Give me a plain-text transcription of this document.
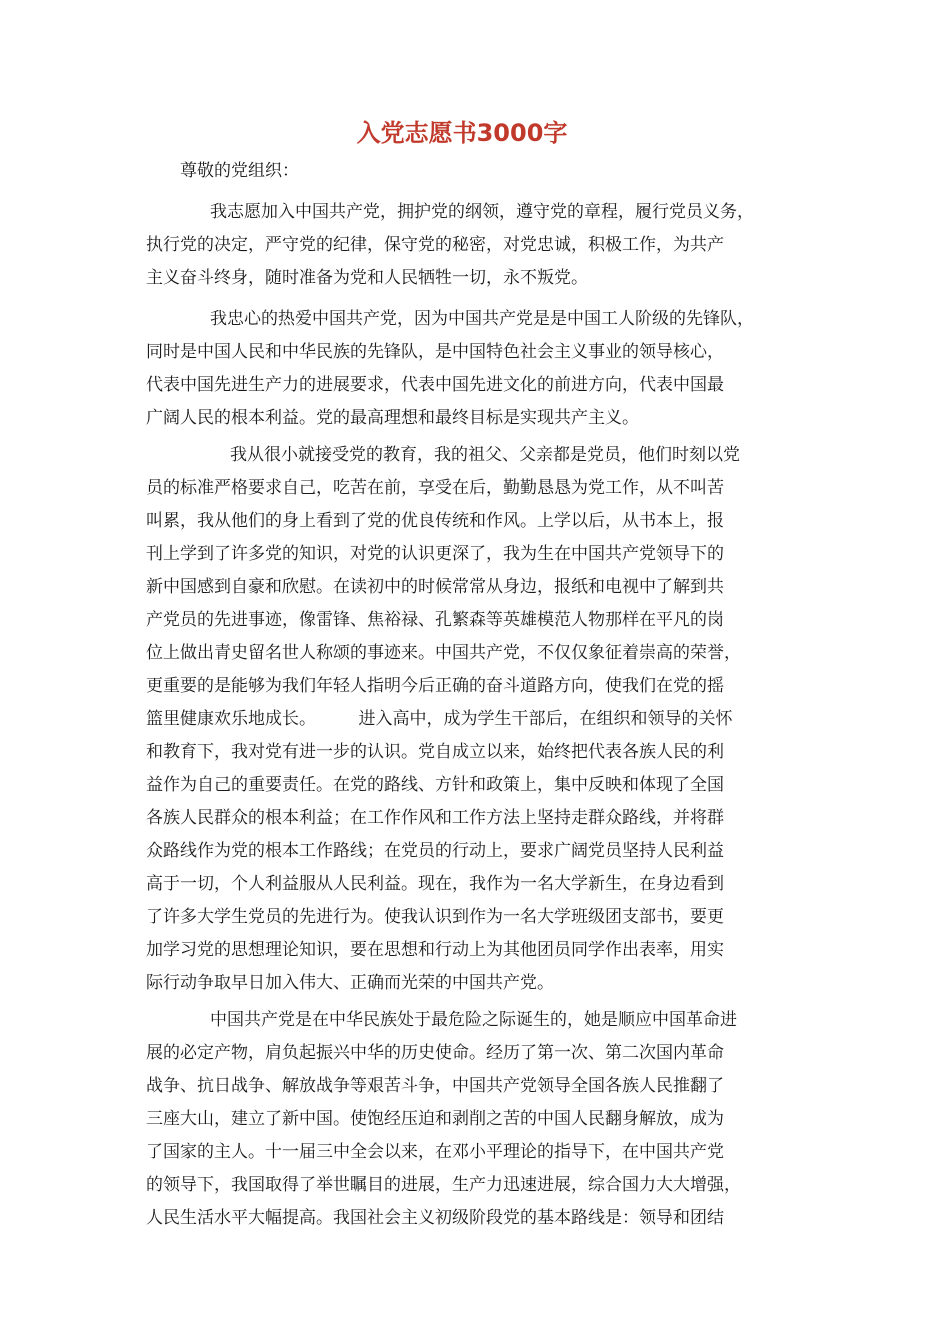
入党志愿书3000字

尊敬的党组织：

我志愿加入中国共产党，拥护党的纲领，遵守党的章程，履行党员义务，
执行党的决定，严守党的纪律，保守党的秘密，对党忠诚，积极工作，为共产
主义奋斗终身，随时准备为党和人民牺牲一切，永不叛党。
我忠心的热爱中国共产党，因为中国共产党是是中国工人阶级的先锋队，
同时是中国人民和中华民族的先锋队，是中国特色社会主义事业的领导核心，
代表中国先进生产力的进展要求，代表中国先进文化的前进方向，代表中国最
广阔人民的根本利益。党的最高理想和最终目标是实现共产主义。
我从很小就接受党的教育，我的祖父、父亲都是党员，他们时刻以党
员的标准严格要求自己，吃苦在前，享受在后，勤勤恳恳为党工作，从不叫苦
叫累，我从他们的身上看到了党的优良传统和作风。上学以后，从书本上，报
刊上学到了许多党的知识，对党的认识更深了，我为生在中国共产党领导下的
新中国感到自豪和欣慰。在读初中的时候常常从身边，报纸和电视中了解到共
产党员的先进事迹，像雷锋、焦裕禄、孔繁森等英雄模范人物那样在平凡的岗
位上做出青史留名世人称颂的事迹来。中国共产党，不仅仅象征着崇高的荣誉，
更重要的是能够为我们年轻人指明今后正确的奋斗道路方向，使我们在党的摇
篮里健康欢乐地成长。　　　进入高中，成为学生干部后，在组织和领导的关怀
和教育下，我对党有进一步的认识。党自成立以来，始终把代表各族人民的利
益作为自己的重要责任。在党的路线、方针和政策上，集中反映和体现了全国
各族人民群众的根本利益；在工作作风和工作方法上坚持走群众路线，并将群
众路线作为党的根本工作路线；在党员的行动上，要求广阔党员坚持人民利益
高于一切，个人利益服从人民利益。现在，我作为一名大学新生，在身边看到
了许多大学生党员的先进行为。使我认识到作为一名大学班级团支部书，要更
加学习党的思想理论知识，要在思想和行动上为其他团员同学作出表率，用实
际行动争取早日加入伟大、正确而光荣的中国共产党。
中国共产党是在中华民族处于最危险之际诞生的，她是顺应中国革命进
展的必定产物，肩负起振兴中华的历史使命。经历了第一次、第二次国内革命
战争、抗日战争、解放战争等艰苦斗争，中国共产党领导全国各族人民推翻了
三座大山，建立了新中国。使饱经压迫和剥削之苦的中国人民翻身解放，成为
了国家的主人。十一届三中全会以来，在邓小平理论的指导下，在中国共产党
的领导下，我国取得了举世瞩目的进展，生产力迅速进展，综合国力大大增强，
人民生活水平大幅提高。我国社会主义初级阶段党的基本路线是：领导和团结
